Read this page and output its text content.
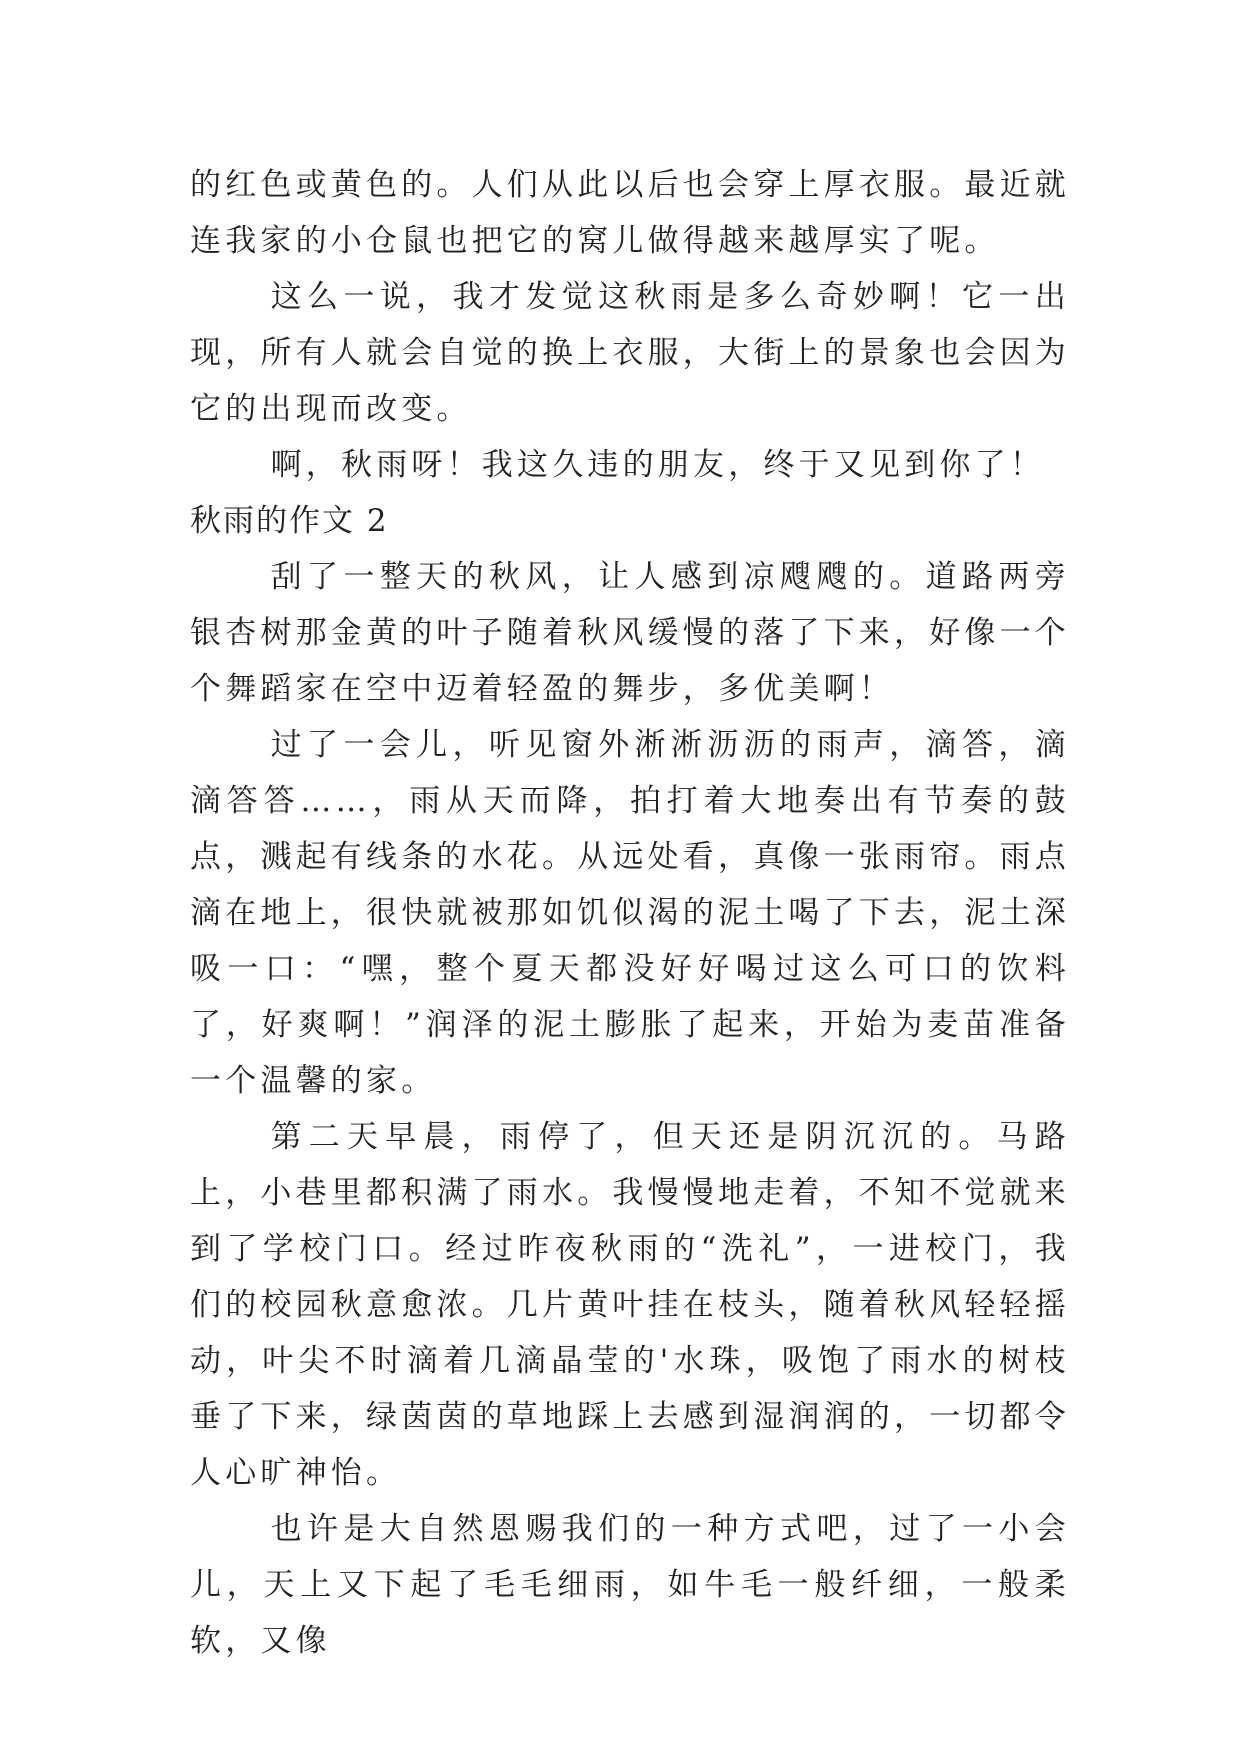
的红色或黄色的。人们从此以后也会穿上厚衣服。最近就连我家的小仓鼠也把它的窝儿做得越来越厚实了呢。

这么一说，我才发觉这秋雨是多么奇妙啊！它一出现，所有人就会自觉的换上衣服，大街上的景象也会因为它的出现而改变。

啊，秋雨呀！我这久违的朋友，终于又见到你了！

秋雨的作文 2

刮了一整天的秋风，让人感到凉飕飕的。道路两旁银杏树那金黄的叶子随着秋风缓慢的落了下来，好像一个个舞蹈家在空中迈着轻盈的舞步，多优美啊！

过了一会儿，听见窗外淅淅沥沥的雨声，滴答，滴滴答答……，雨从天而降，拍打着大地奏出有节奏的鼓点，溅起有线条的水花。从远处看，真像一张雨帘。雨点滴在地上，很快就被那如饥似渴的泥土喝了下去，泥土深吸一口：“嘿，整个夏天都没好好喝过这么可口的饮料了，好爽啊！”润泽的泥土膨胀了起来，开始为麦苗准备一个温馨的家。

第二天早晨，雨停了，但天还是阴沉沉的。马路上，小巷里都积满了雨水。我慢慢地走着，不知不觉就来到了学校门口。经过昨夜秋雨的“洗礼”，一进校门，我们的校园秋意愈浓。几片黄叶挂在枝头，随着秋风轻轻摇动，叶尖不时滴着几滴晶莹的'水珠，吸饱了雨水的树枝垂了下来，绿茵茵的草地踩上去感到湿润润的，一切都令人心旷神怡。

也许是大自然恩赐我们的一种方式吧，过了一小会儿，天上又下起了毛毛细雨，如牛毛一般纤细，一般柔软，又像
